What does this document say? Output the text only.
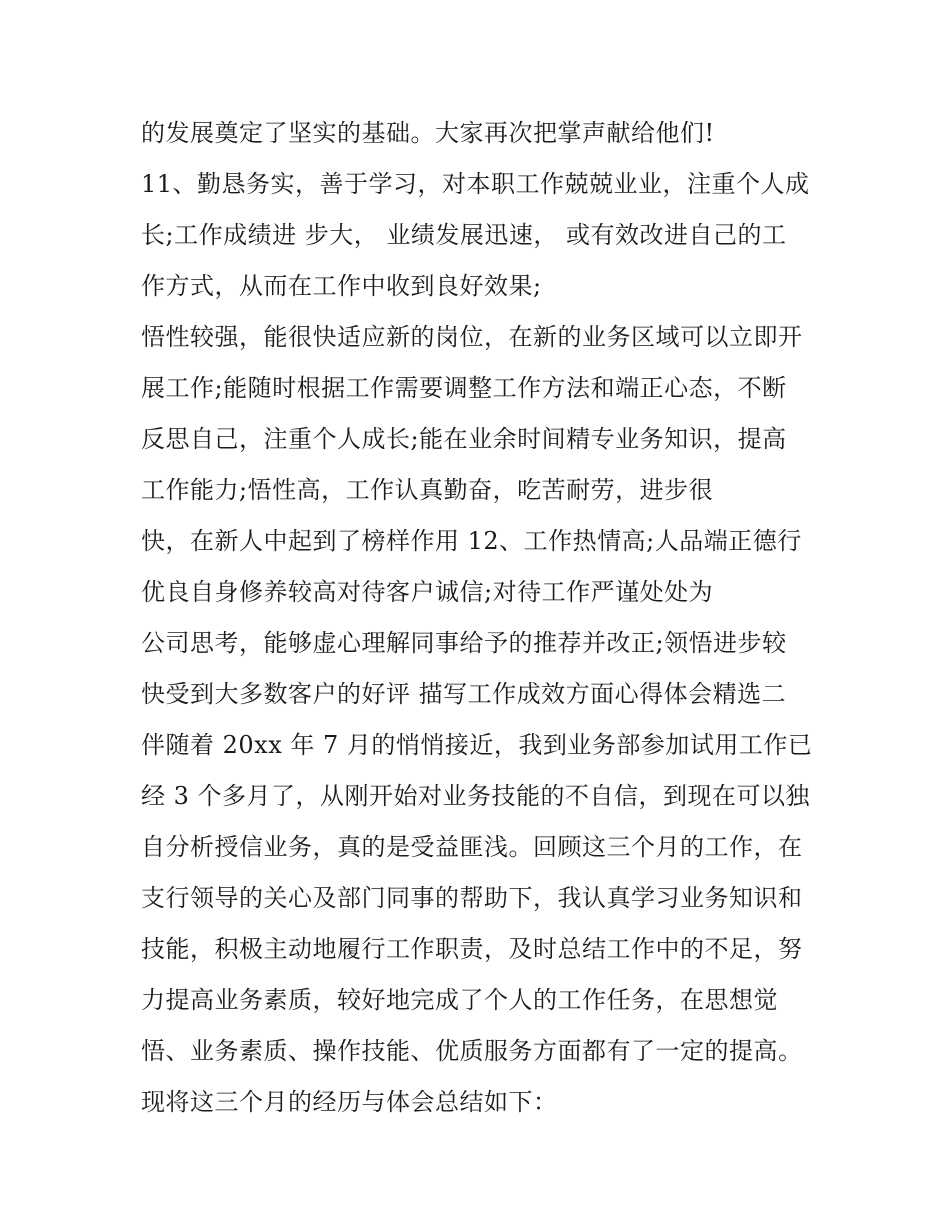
的发展奠定了坚实的基础。大家再次把掌声献给他们!
11、勤恳务实，善于学习，对本职工作兢兢业业，注重个人成
长;工作成绩进 步大， 业绩发展迅速， 或有效改进自己的工
作方式，从而在工作中收到良好效果;
悟性较强，能很快适应新的岗位，在新的业务区域可以立即开
展工作;能随时根据工作需要调整工作方法和端正心态，不断
反思自己，注重个人成长;能在业余时间精专业务知识，提高
工作能力;悟性高，工作认真勤奋，吃苦耐劳，进步很
快，在新人中起到了榜样作用 12、工作热情高;人品端正德行
优良自身修养较高对待客户诚信;对待工作严谨处处为
公司思考，能够虚心理解同事给予的推荐并改正;领悟进步较
快受到大多数客户的好评 描写工作成效方面心得体会精选二
伴随着 20xx 年 7 月的悄悄接近，我到业务部参加试用工作已
经 3 个多月了，从刚开始对业务技能的不自信，到现在可以独
自分析授信业务，真的是受益匪浅。回顾这三个月的工作，在
支行领导的关心及部门同事的帮助下，我认真学习业务知识和
技能，积极主动地履行工作职责，及时总结工作中的不足，努
力提高业务素质，较好地完成了个人的工作任务，在思想觉
悟、业务素质、操作技能、优质服务方面都有了一定的提高。
现将这三个月的经历与体会总结如下：
